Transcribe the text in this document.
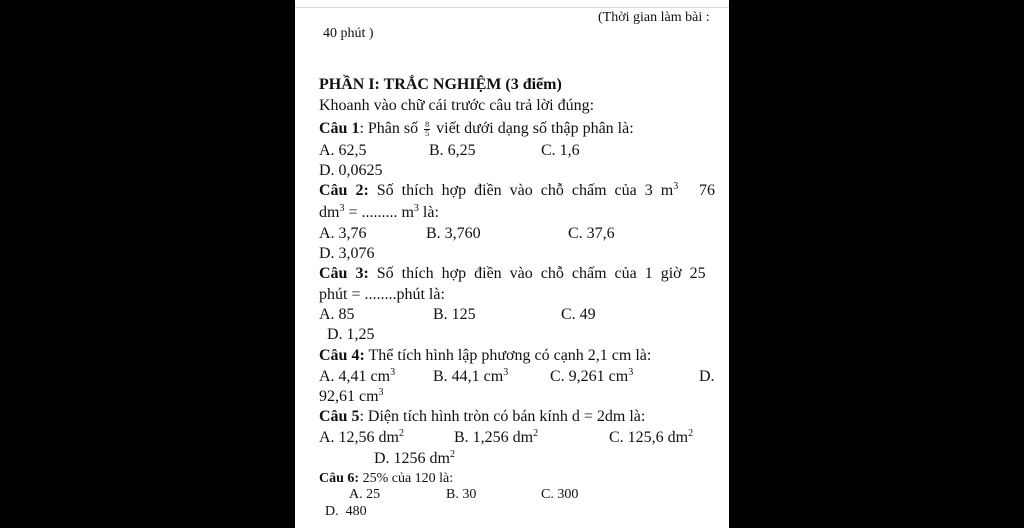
(Thời gian làm bài :
40 phút )
PHẦN I: TRẮC NGHIỆM (3 điểm)
Khoanh vào chữ cái trước câu trả lời đúng:
Câu 1: Phân số $\frac{8}{5}$ viết dưới dạng số thập phân là:
A. 62,5	B. 6,25	C. 1,6
D. 0,0625
Câu 2: Số thích hợp điền vào chỗ chấm của 3 $m^3$ 76
$dm^3$ = ......... $m^3$ là:
A. 3,76	B. 3,760	C. 37,6
D. 3,076
Câu 3: Số thích hợp điền vào chỗ chấm của 1 giờ 25
phút = ........phút là:
A. 85	B. 125	C. 49
D. 1,25
Câu 4: Thể tích hình lập phương có cạnh 2,1 cm là:
A. 4,41 $cm^3$ B. 44,1 $cm^3$	C. 9,261 $cm^3$	D.
92,61 $cm^3$
Câu 5: Diện tích hình tròn có bán kính d = 2dm là:
A. 12,56 $dm^2$	B. 1,256 $dm^2$	C. 125,6 $dm^2$
D. 1256 $dm^2$
Câu 6: 25% của 120 là:
A. 25	B. 30	C. 300
D.  480
